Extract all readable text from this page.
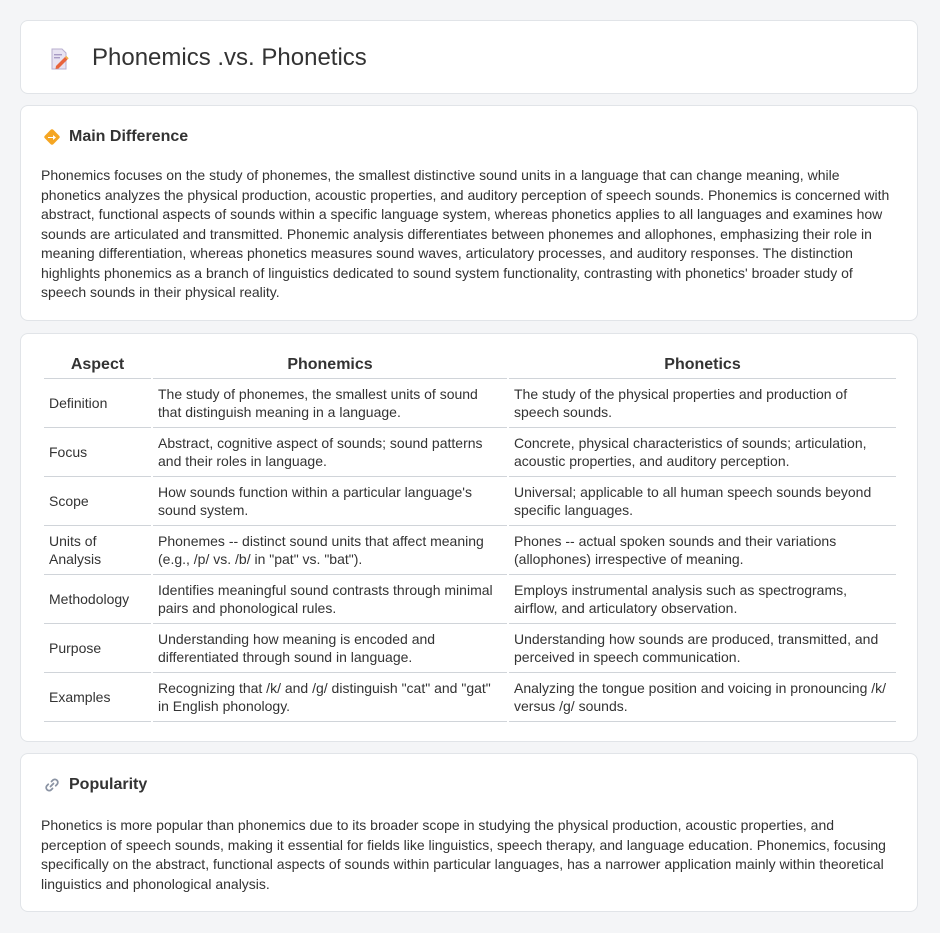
Phonemics .vs. Phonetics
Main Difference

Phonemics focuses on the study of phonemes, the smallest distinctive sound units in a language that can change meaning, while phonetics analyzes the physical production, acoustic properties, and auditory perception of speech sounds. Phonemics is concerned with abstract, functional aspects of sounds within a specific language system, whereas phonetics applies to all languages and examines how sounds are articulated and transmitted. Phonemic analysis differentiates between phonemes and allophones, emphasizing their role in meaning differentiation, whereas phonetics measures sound waves, articulatory processes, and auditory responses. The distinction highlights phonemics as a branch of linguistics dedicated to sound system functionality, contrasting with phonetics' broader study of speech sounds in their physical reality.

Aspect	Phonemics	Phonetics
Definition	The study of phonemes, the smallest units of sound that distinguish meaning in a language.	The study of the physical properties and production of speech sounds.
Focus	Abstract, cognitive aspect of sounds; sound patterns and their roles in language.	Concrete, physical characteristics of sounds; articulation, acoustic properties, and auditory perception.
Scope	How sounds function within a particular language's sound system.	Universal; applicable to all human speech sounds beyond specific languages.
Units of Analysis	Phonemes -- distinct sound units that affect meaning (e.g., /p/ vs. /b/ in "pat" vs. "bat").	Phones -- actual spoken sounds and their variations (allophones) irrespective of meaning.
Methodology	Identifies meaningful sound contrasts through minimal pairs and phonological rules.	Employs instrumental analysis such as spectrograms, airflow, and articulatory observation.
Purpose	Understanding how meaning is encoded and differentiated through sound in language.	Understanding how sounds are produced, transmitted, and perceived in speech communication.
Examples	Recognizing that /k/ and /g/ distinguish "cat" and "gat" in English phonology.	Analyzing the tongue position and voicing in pronouncing /k/ versus /g/ sounds.
Popularity

Phonetics is more popular than phonemics due to its broader scope in studying the physical production, acoustic properties, and perception of speech sounds, making it essential for fields like linguistics, speech therapy, and language education. Phonemics, focusing specifically on the abstract, functional aspects of sounds within particular languages, has a narrower application mainly within theoretical linguistics and phonological analysis.
